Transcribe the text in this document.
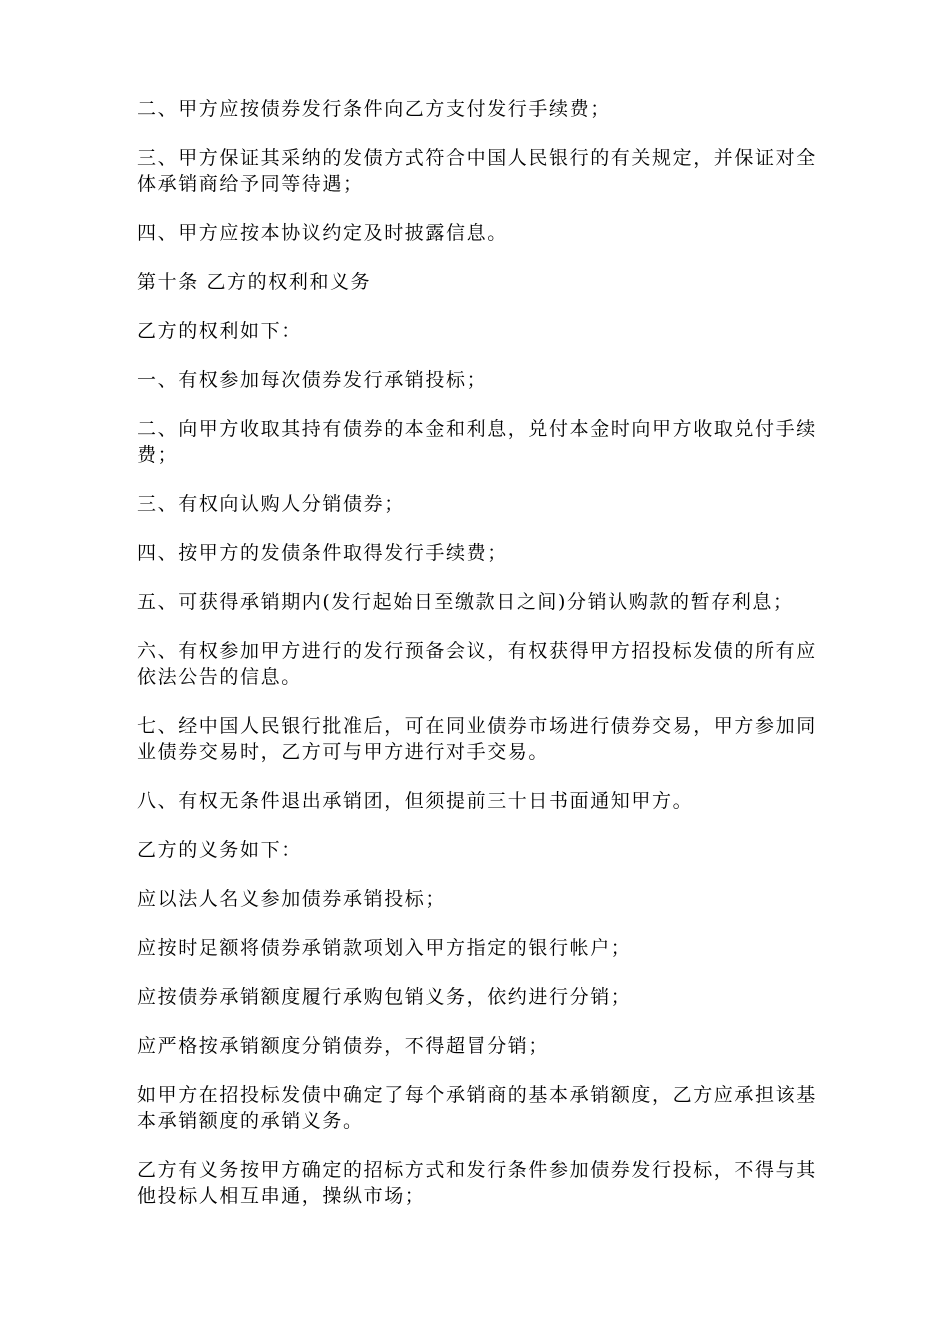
二、甲方应按债券发行条件向乙方支付发行手续费；

三、甲方保证其采纳的发债方式符合中国人民银行的有关规定，并保证对全体承销商给予同等待遇；

四、甲方应按本协议约定及时披露信息。

第十条 乙方的权利和义务

乙方的权利如下：

一、有权参加每次债券发行承销投标；

二、向甲方收取其持有债券的本金和利息，兑付本金时向甲方收取兑付手续费；

三、有权向认购人分销债券；

四、按甲方的发债条件取得发行手续费；

五、可获得承销期内(发行起始日至缴款日之间)分销认购款的暂存利息；

六、有权参加甲方进行的发行预备会议，有权获得甲方招投标发债的所有应依法公告的信息。

七、经中国人民银行批准后，可在同业债券市场进行债券交易，甲方参加同业债券交易时，乙方可与甲方进行对手交易。

八、有权无条件退出承销团，但须提前三十日书面通知甲方。

乙方的义务如下：

应以法人名义参加债券承销投标；

应按时足额将债券承销款项划入甲方指定的银行帐户；

应按债券承销额度履行承购包销义务，依约进行分销；

应严格按承销额度分销债券，不得超冒分销；

如甲方在招投标发债中确定了每个承销商的基本承销额度，乙方应承担该基本承销额度的承销义务。

乙方有义务按甲方确定的招标方式和发行条件参加债券发行投标，不得与其他投标人相互串通，操纵市场；
